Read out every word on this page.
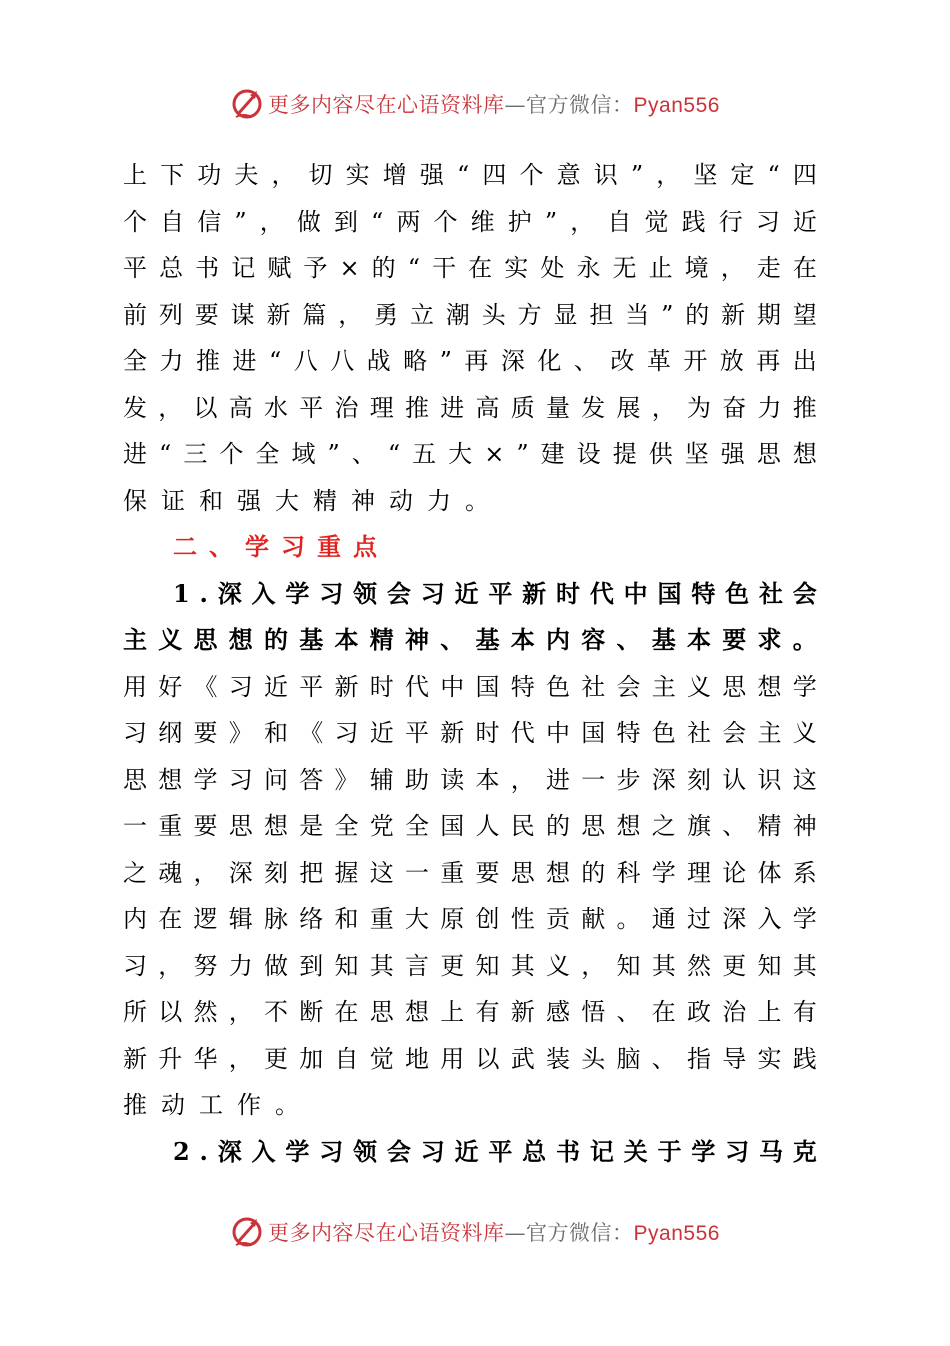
更多内容尽在心语资料库—官方微信：Pyan556
上 下 功 夫 ， 切 实 增 强 “ 四 个 意 识 ” ， 坚 定 “ 四
个 自 信 ” ， 做 到 “ 两 个 维 护 ” ， 自 觉 践 行 习 近
平 总 书 记 赋 予 × 的 “ 干 在 实 处 永 无 止 境 ， 走 在
前 列 要 谋 新 篇 ， 勇 立 潮 头 方 显 担 当 ” 的 新 期 望
全 力 推 进 “ 八 八 战 略 ” 再 深 化 、 改 革 开 放 再 出
发 ， 以 高 水 平 治 理 推 进 高 质 量 发 展 ， 为 奋 力 推
进 “ 三 个 全 域 ” 、 “ 五 大 × ” 建 设 提 供 坚 强 思 想
保证和强大精神动力。
二、学习重点
1 . 深 入 学 习 领 会 习 近 平 新 时 代 中 国 特 色 社 会
主 义 思 想 的 基 本 精 神 、 基 本 内 容 、 基 本 要 求 。
用 好 《 习 近 平 新 时 代 中 国 特 色 社 会 主 义 思 想 学
习 纲 要 》 和 《 习 近 平 新 时 代 中 国 特 色 社 会 主 义
思 想 学 习 问 答 》 辅 助 读 本 ， 进 一 步 深 刻 认 识 这
一 重 要 思 想 是 全 党 全 国 人 民 的 思 想 之 旗 、 精 神
之 魂 ， 深 刻 把 握 这 一 重 要 思 想 的 科 学 理 论 体 系
内 在 逻 辑 脉 络 和 重 大 原 创 性 贡 献 。 通 过 深 入 学
习 ， 努 力 做 到 知 其 言 更 知 其 义 ， 知 其 然 更 知 其
所 以 然 ， 不 断 在 思 想 上 有 新 感 悟 、 在 政 治 上 有
新 升 华 ， 更 加 自 觉 地 用 以 武 装 头 脑 、 指 导 实 践
推动工作。
2 . 深 入 学 习 领 会 习 近 平 总 书 记 关 于 学 习 马 克
更多内容尽在心语资料库—官方微信：Pyan556
